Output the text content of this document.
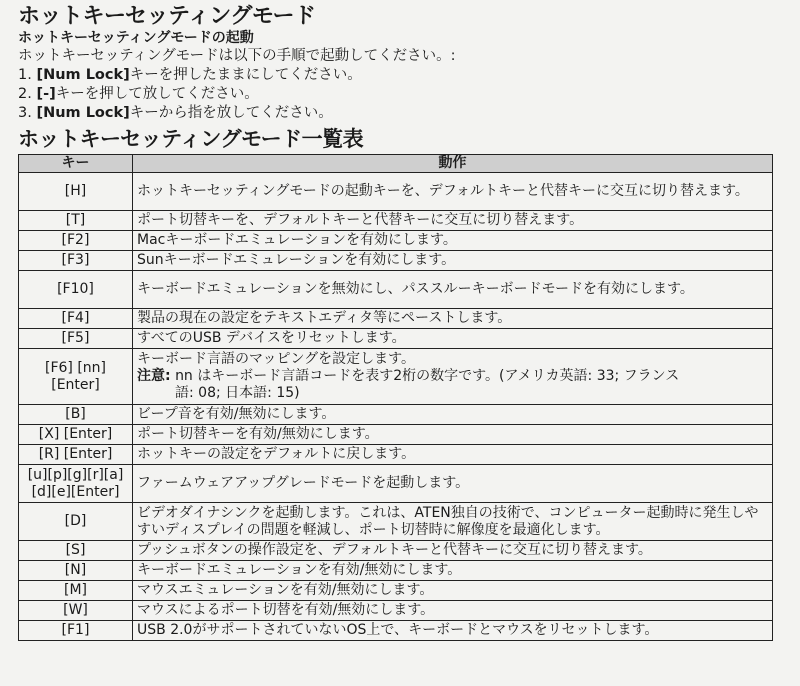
ホットキーセッティングモード
ホットキーセッティングモードの起動

ホットキーセッティングモードは以下の手順で起動してください。:

1. [Num Lock]キーを押したままにしてください。

2. [-]キーを押して放してください。

3. [Num Lock]キーから指を放してください。

ホットキーセッティングモード一覧表
キー	動作
[H]	ホットキーセッティングモードの起動キーを、デフォルトキーと代替キーに交互に切り替えます。
[T]	ポート切替キーを、デフォルトキーと代替キーに交互に切り替えます。
[F2]	Macキーボードエミュレーションを有効にします。
[F3]	Sunキーボードエミュレーションを有効にします。
[F10]	キーボードエミュレーションを無効にし、パススルーキーボードモードを有効にします。
[F4]	製品の現在の設定をテキストエディタ等にペーストします。
[F5]	すべてのUSB デバイスをリセットします。
[F6] [nn] [Enter]	キーボード言語のマッピングを設定します。
注意: nn はキーボード言語コードを表す2桁の数字です。(アメリカ英語: 33; フランス
語: 08; 日本語: 15)

[B]	ビープ音を有効/無効にします。
[X] [Enter]	ポート切替キーを有効/無効にします。
[R] [Enter]	ホットキーの設定をデフォルトに戻します。
[u][p][g][r][a] [d][e][Enter]	ファームウェアアップグレードモードを起動します。
[D]	ビデオダイナシンクを起動します。これは、ATEN独自の技術で、コンピューター起動時に発生しやすいディスプレイの問題を軽減し、ポート切替時に解像度を最適化します。
[S]	プッシュボタンの操作設定を、デフォルトキーと代替キーに交互に切り替えます。
[N]	キーボードエミュレーションを有効/無効にします。
[M]	マウスエミュレーションを有効/無効にします。
[W]	マウスによるポート切替を有効/無効にします。
[F1]	USB 2.0がサポートされていないOS上で、キーボードとマウスをリセットします。
